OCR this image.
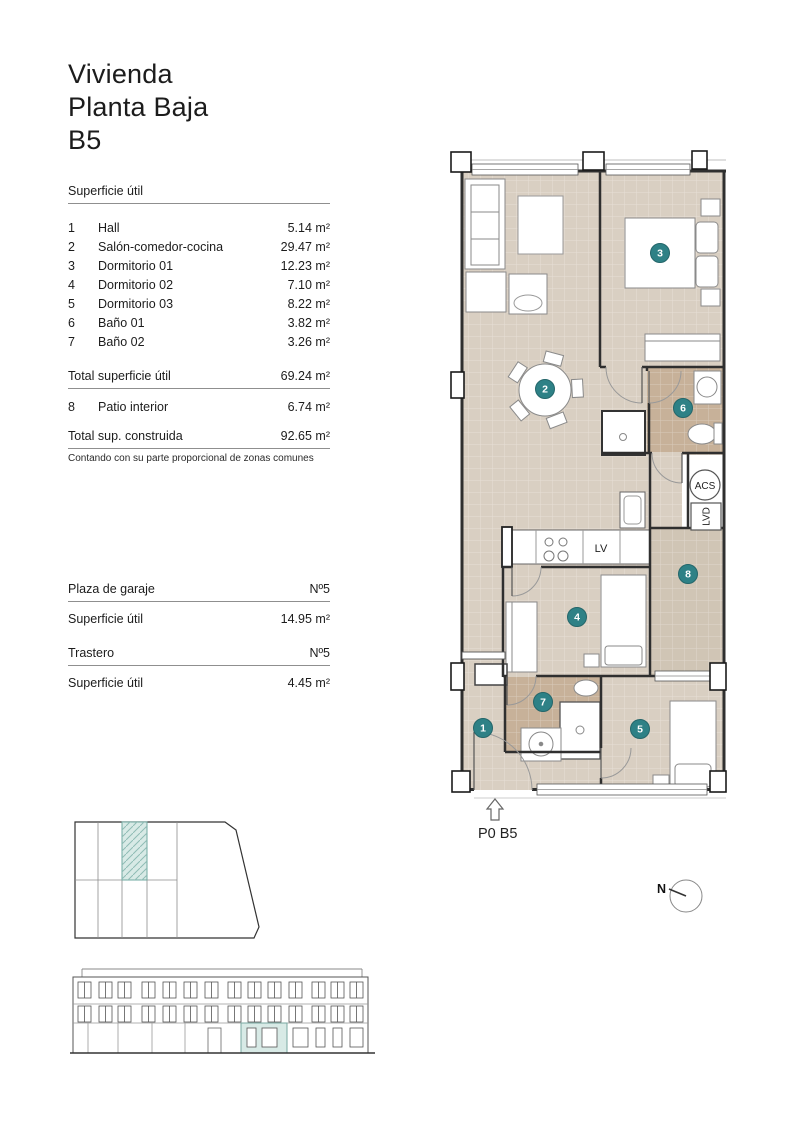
Vivienda
Planta Baja
B5
Superficie útil
1	Hall	5.14 m²
2	Salón-comedor-cocina	29.47 m²
3	Dormitorio 01	12.23 m²
4	Dormitorio 02	7.10 m²
5	Dormitorio 03	8.22 m²
6	Baño 01	3.82 m²
7	Baño 02	3.26 m²
Total superficie útil	69.24 m²
8	Patio interior	6.74 m²
Total sup. construida	92.65 m²
Contando con su parte proporcional de zonas comunes
Plaza de garaje	Nº5
Superficie útil	14.95 m²
Trastero	Nº5
Superficie útil	4.45 m²
ACS
LVD
LV
1
2
3
4
5
6
7
8
P0 B5
N
